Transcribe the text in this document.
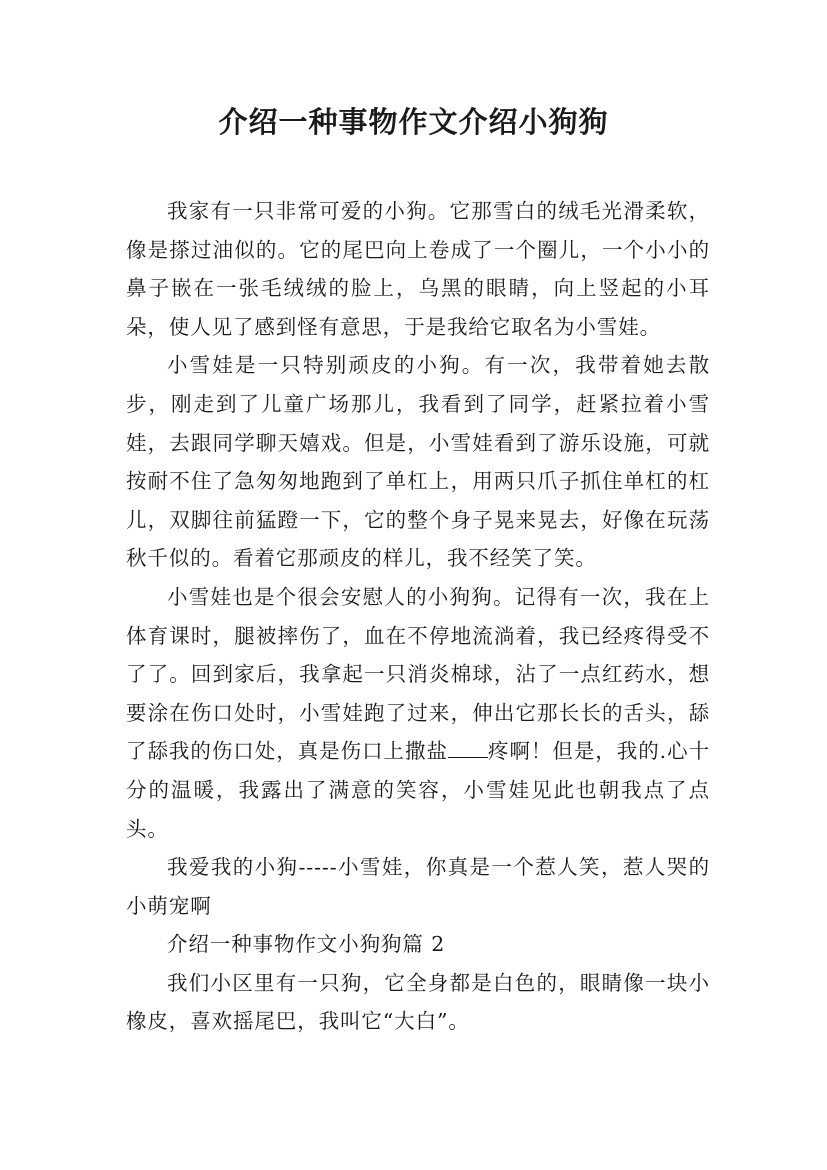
介绍一种事物作文介绍小狗狗

我家有一只非常可爱的小狗。它那雪白的绒毛光滑柔软，像是搽过油似的。它的尾巴向上卷成了一个圈儿，一个小小的鼻子嵌在一张毛绒绒的脸上，乌黑的眼睛，向上竖起的小耳朵，使人见了感到怪有意思，于是我给它取名为小雪娃。

小雪娃是一只特别顽皮的小狗。有一次，我带着她去散步，刚走到了儿童广场那儿，我看到了同学，赶紧拉着小雪娃，去跟同学聊天嬉戏。但是，小雪娃看到了游乐设施，可就按耐不住了急匆匆地跑到了单杠上，用两只爪子抓住单杠的杠儿，双脚往前猛蹬一下，它的整个身子晃来晃去，好像在玩荡秋千似的。看着它那顽皮的样儿，我不经笑了笑。

小雪娃也是个很会安慰人的小狗狗。记得有一次，我在上体育课时，腿被摔伤了，血在不停地流淌着，我已经疼得受不了了。回到家后，我拿起一只消炎棉球，沾了一点红药水，想要涂在伤口处时，小雪娃跑了过来，伸出它那长长的舌头，舔了舔我的伤口处，真是伤口上撒盐 疼啊！但是，我的.心十分的温暖，我露出了满意的笑容，小雪娃见此也朝我点了点头。

我爱我的小狗-----小雪娃，你真是一个惹人笑，惹人哭的小萌宠啊

介绍一种事物作文小狗狗篇 2

我们小区里有一只狗，它全身都是白色的，眼睛像一块小橡皮，喜欢摇尾巴，我叫它“大白”。
